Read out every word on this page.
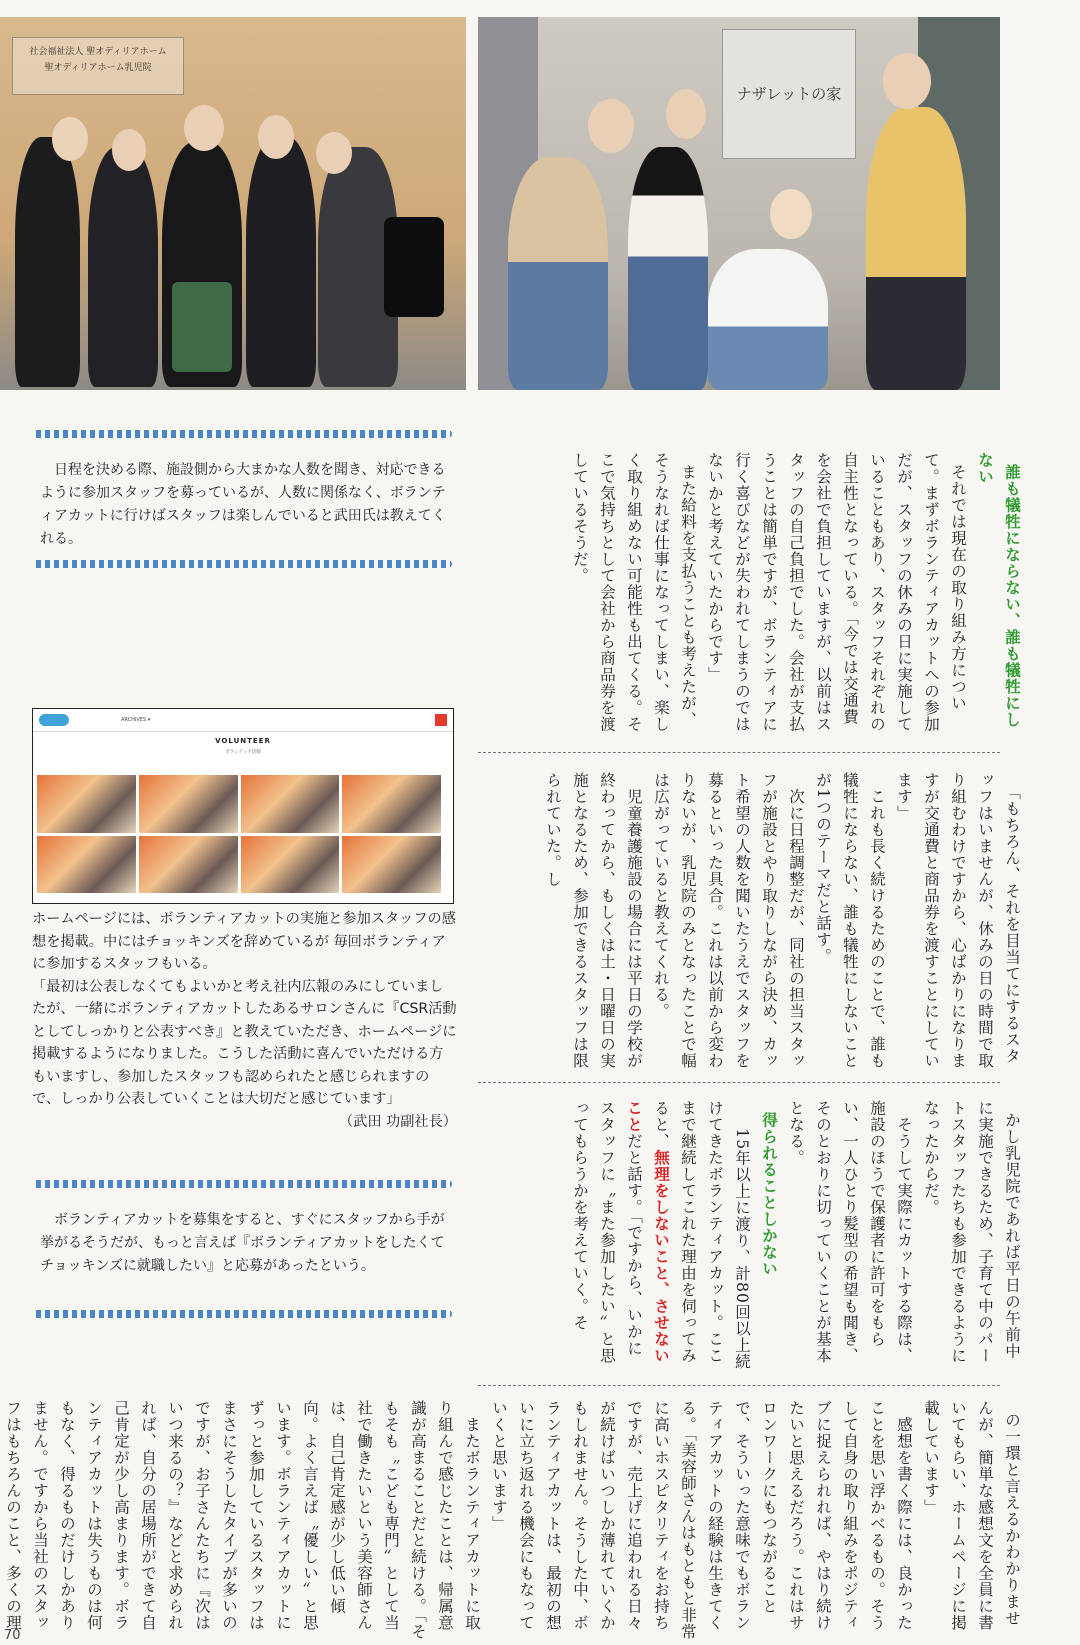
社会福祉法人 聖オディリアホーム
聖オディリアホーム乳児院
ナザレットの家

日程を決める際、施設側から大まかな人数を聞き、対応できるように参加スタッフを募っているが、人数に関係なく、ボランティアカットに行けばスタッフは楽しんでいると武田氏は教えてくれる。

ARCHIVES ▾
VOLUNTEER
ボランティア活動

ホームページには、ボランティアカットの実施と参加スタッフの感想を掲載。中にはチョッキンズを辞めているが 毎回ボランティアに参加するスタッフもいる。

「最初は公表しなくてもよいかと考え社内広報のみにしていましたが、一緒にボランティアカットしたあるサロンさんに『CSR活動としてしっかりと公表すべき』と教えていただき、ホームページに掲載するようになりました。こうした活動に喜んでいただける方もいますし、参加したスタッフも認められたと感じられますので、しっかり公表していくことは大切だと感じています」

（武田 功副社長）

ボランティアカットを募集をすると、すぐにスタッフから手が挙がるそうだが、もっと言えば『ボランティアカットをしたくてチョッキンズに就職したい』と応募があったという。

誰も犠牲にならない、誰も犠牲にしない
それでは現在の取り組み方について。まずボランティアカットへの参加だが、スタッフの休みの日に実施していることもあり、スタッフそれぞれの自主性となっている。「今では交通費を会社で負担していますが、以前はスタッフの自己負担でした。会社が支払うことは簡単ですが、ボランティアに行く喜びなどが失われてしまうのではないかと考えていたからです」
また給料を支払うことも考えたが、そうなれば仕事になってしまい、楽しく取り組めない可能性も出てくる。そこで気持ちとして会社から商品券を渡しているそうだ。

「もちろん、それを目当てにするスタッフはいませんが、休みの日の時間で取り組むわけですから、心ばかりになりますが交通費と商品券を渡すことにしています」
　これも長く続けるためのことで、誰も犠牲にならない、誰も犠牲にしないことが1つのテーマだと話す。
　次に日程調整だが、同社の担当スタッフが施設とやり取りしながら決め、カット希望の人数を聞いたうえでスタッフを募るといった具合。これは以前から変わりないが、乳児院のみとなったことで幅は広がっていると教えてくれる。
　児童養護施設の場合には平日の学校が終わってから、もしくは土・日曜日の実施となるため、参加できるスタッフは限られていた。し

かし乳児院であれば平日の午前中に実施できるため、子育て中のパートスタッフたちも参加できるようになったからだ。
　そうして実際にカットする際は、施設のほうで保護者に許可をもらい、一人ひとり髪型の希望も聞き、そのとおりに切っていくことが基本となる。
得られることしかない
　15年以上に渡り、計80回以上続けてきたボランティアカット。ここまで継続してこれた理由を伺ってみると、無理をしないこと、させないことだと話す。「ですから、いかにスタッフに〝また参加したい〟と思ってもらうかを考えていく。そ

の一環と言えるかわかりませんが、簡単な感想文を全員に書いてもらい、ホームページに掲載しています」
　感想を書く際には、良かったことを思い浮かべるもの。そうして自身の取り組みをポジティブに捉えられれば、やはり続けたいと思えるだろう。これはサロンワークにもつながることで、そういった意味でもボランティアカットの経験は生きてくる。「美容師さんはもともと非常に高いホスピタリティをお持ちですが、売上げに追われる日々が続けばいつしか薄れていくかもしれません。そうした中、ボランティアカットは、最初の想いに立ち返れる機会にもなっていくと思います」
　またボランティアカットに取り組んで感じたことは、帰属意識が高まることだと続ける。「そもそも〝こども専門〟として当社で働きたいという美容師さんは、自己肯定感が少し低い傾向。よく言えば〝優しい〟と思います。ボランティアカットにずっと参加しているスタッフはまさにそうしたタイプが多いのですが、お子さんたちに『次はいつ来るの？』などと求められれば、自分の居場所ができて自己肯定が少し高まります。ボランティアカットは失うものは何もなく、得るものだけしかありません。ですから当社のスタッフはもちろんのこと、多くの理

70
